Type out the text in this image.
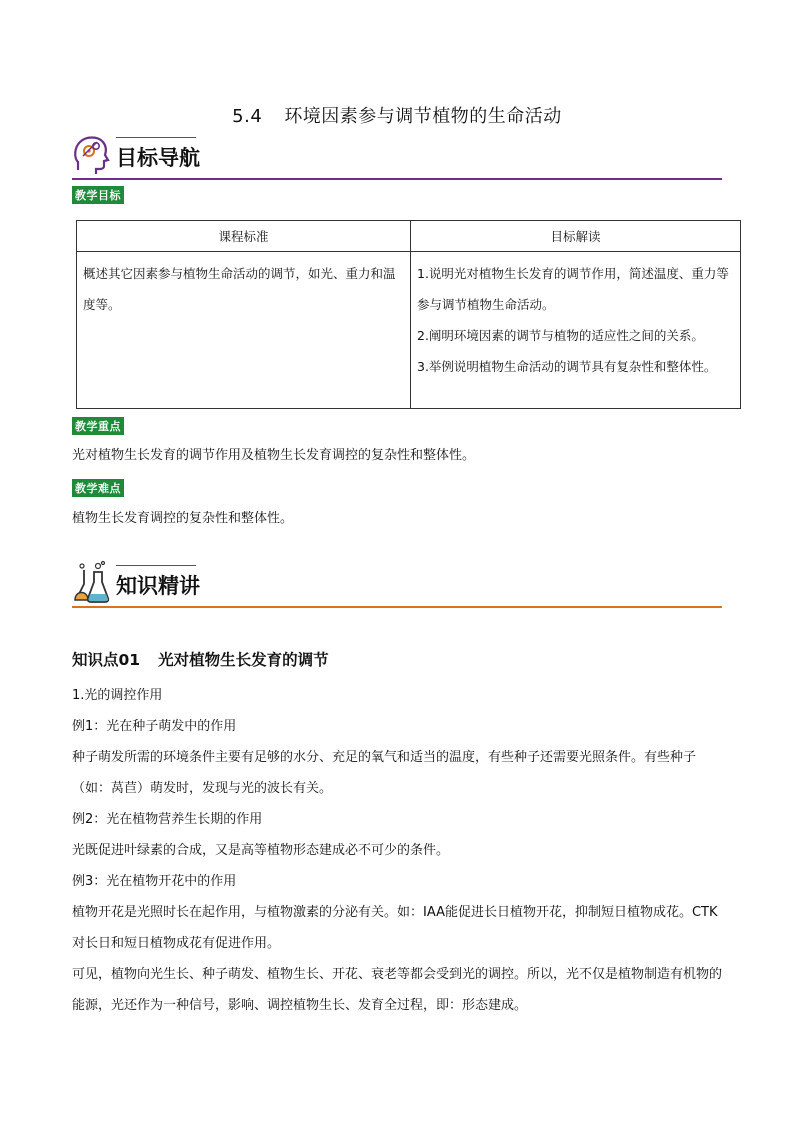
5.4 环境因素参与调节植物的生命活动
目标导航
教学目标
课程标准	目标解读

概述其它因素参与植物生命活动的调节，如光、重力和温度等。	1.说明光对植物生长发育的调节作用，简述温度、重力等参与调节植物生命活动。

2.阐明环境因素的调节与植物的适应性之间的关系。

3.举例说明植物生命活动的调节具有复杂性和整体性。

教学重点
光对植物生长发育的调节作用及植物生长发育调控的复杂性和整体性。
教学难点
植物生长发育调控的复杂性和整体性。
知识精讲
知识点01 光对植物生长发育的调节
1.光的调控作用
例1：光在种子萌发中的作用
种子萌发所需的环境条件主要有足够的水分、充足的氧气和适当的温度，有些种子还需要光照条件。有些种子（如：莴苣）萌发时，发现与光的波长有关。
例2：光在植物营养生长期的作用
光既促进叶绿素的合成，又是高等植物形态建成必不可少的条件。
例3：光在植物开花中的作用
植物开花是光照时长在起作用，与植物激素的分泌有关。如：IAA能促进长日植物开花，抑制短日植物成花。CTK对长日和短日植物成花有促进作用。
可见，植物向光生长、种子萌发、植物生长、开花、衰老等都会受到光的调控。所以，光不仅是植物制造有机物的能源，光还作为一种信号，影响、调控植物生长、发育全过程，即：形态建成。
